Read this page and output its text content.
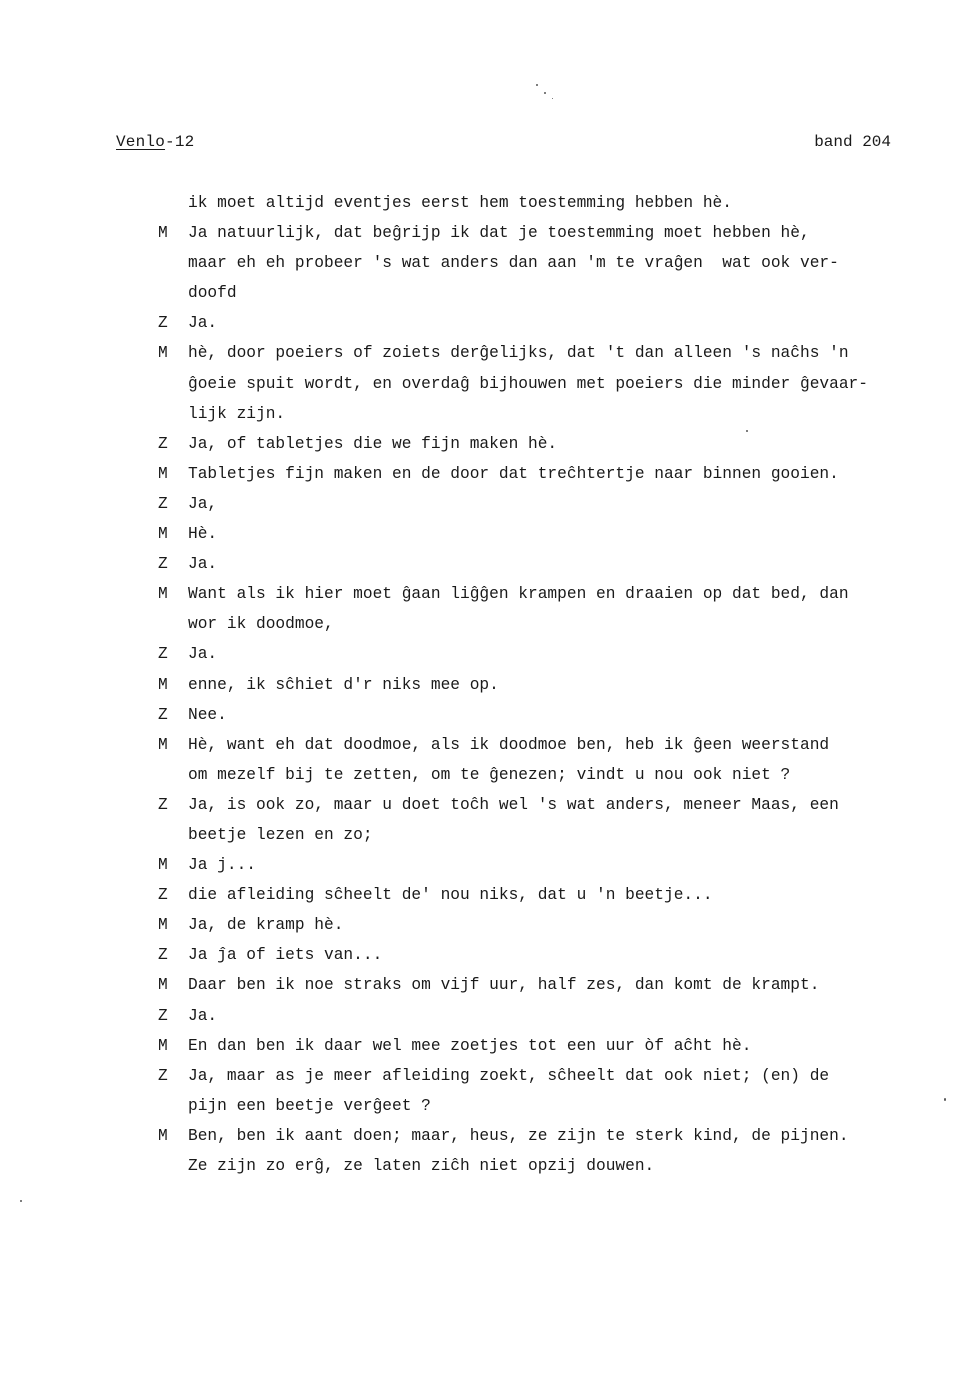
Venlo-12	band 204
ik moet altijd eventjes eerst hem toestemming hebben hè.
M	Ja natuurlijk, dat beĝrijp ik dat je toestemming moet hebben hè,
maar eh eh probeer 's wat anders dan aan 'm te vraĝen  wat ook ver-
doofd
Z	Ja.
M	hè, door poeiers of zoiets derĝelijks, dat 't dan alleen 's naĉhs 'n
ĝoeie spuit wordt, en overdaĝ bijhouwen met poeiers die minder ĝevaar-
lijk zijn.
Z	Ja, of tabletjes die we fijn maken hè.
M	Tabletjes fijn maken en de door dat treĉhtertje naar binnen gooien.
Z	Ja,
M	Hè.
Z	Ja.
M	Want als ik hier moet ĝaan liĝĝen krampen en draaien op dat bed, dan
wor ik doodmoe,
Z	Ja.
M	enne, ik sĉhiet d'r niks mee op.
Z	Nee.
M	Hè, want eh dat doodmoe, als ik doodmoe ben, heb ik ĝeen weerstand
om mezelf bij te zetten, om te ĝenezen; vindt u nou ook niet ?
Z	Ja, is ook zo, maar u doet toĉh wel 's wat anders, meneer Maas, een
beetje lezen en zo;
M	Ja j...
Z	die afleiding sĉheelt de' nou niks, dat u 'n beetje...
M	Ja, de kramp hè.
Z	Ja ĵa of iets van...
M	Daar ben ik noe straks om vijf uur, half zes, dan komt de krampt.
Z	Ja.
M	En dan ben ik daar wel mee zoetjes tot een uur òf aĉht hè.
Z	Ja, maar as je meer afleiding zoekt, sĉheelt dat ook niet; (en) de
pijn een beetje verĝeet ?
M	Ben, ben ik aant doen; maar, heus, ze zijn te sterk kind, de pijnen.
Ze zijn zo erĝ, ze laten ziĉh niet opzij douwen.
